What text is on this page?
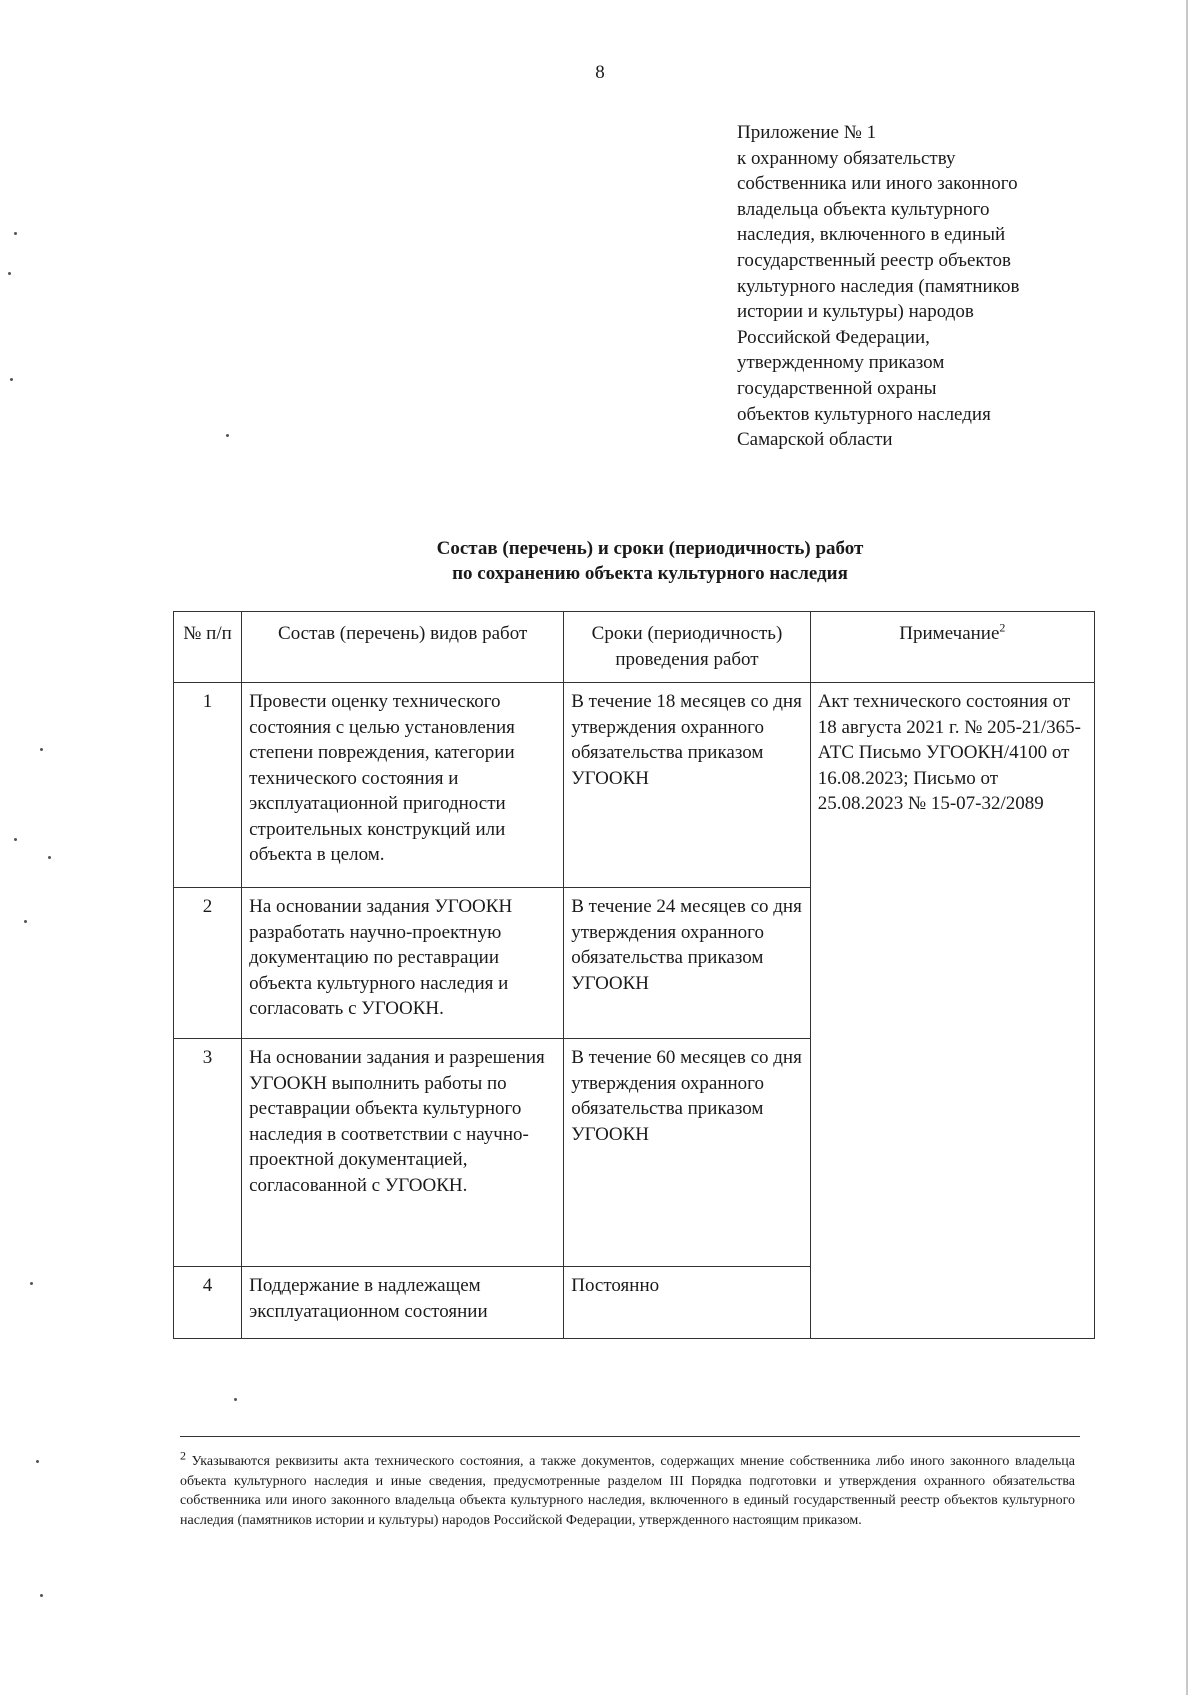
8
Приложение № 1
к охранному обязательству
собственника или иного законного
владельца объекта культурного
наследия, включенного в единый
государственный реестр объектов
культурного наследия (памятников
истории и культуры) народов
Российской Федерации,
утвержденному приказом
государственной охраны
объектов культурного наследия
Самарской области
Состав (перечень) и сроки (периодичность) работ
по сохранению объекта культурного наследия
№ п/п	Состав (перечень) видов работ	Сроки (периодичность) проведения работ	Примечание$^2$
1	Провести оценку технического состояния с целью установления степени повреждения, категории технического состояния и эксплуатационной пригодности строительных конструкций или объекта в целом.	В течение 18 месяцев со дня утверждения охранного обязательства приказом УГООКН	Акт технического состояния от 18 августа 2021 г. № 205-21/365-АТС Письмо УГООКН/4100 от 16.08.2023; Письмо от 25.08.2023 № 15-07-32/2089
2	На основании задания УГООКН разработать научно-проектную документацию по реставрации объекта культурного наследия и согласовать с УГООКН.	В течение 24 месяцев со дня утверждения охранного обязательства приказом УГООКН	
3	На основании задания и разрешения УГООКН выполнить работы по реставрации объекта культурного наследия в соответствии с научно-проектной документацией, согласованной с УГООКН.	В течение 60 месяцев со дня утверждения охранного обязательства приказом УГООКН	
4	Поддержание в надлежащем эксплуатационном состоянии	Постоянно	
$^2$ Указываются реквизиты акта технического состояния, а также документов, содержащих мнение собственника либо иного законного владельца объекта культурного наследия и иные сведения, предусмотренные разделом III Порядка подготовки и утверждения охранного обязательства собственника или иного законного владельца объекта культурного наследия, включенного в единый государственный реестр объектов культурного наследия (памятников истории и культуры) народов Российской Федерации, утвержденного настоящим приказом.
